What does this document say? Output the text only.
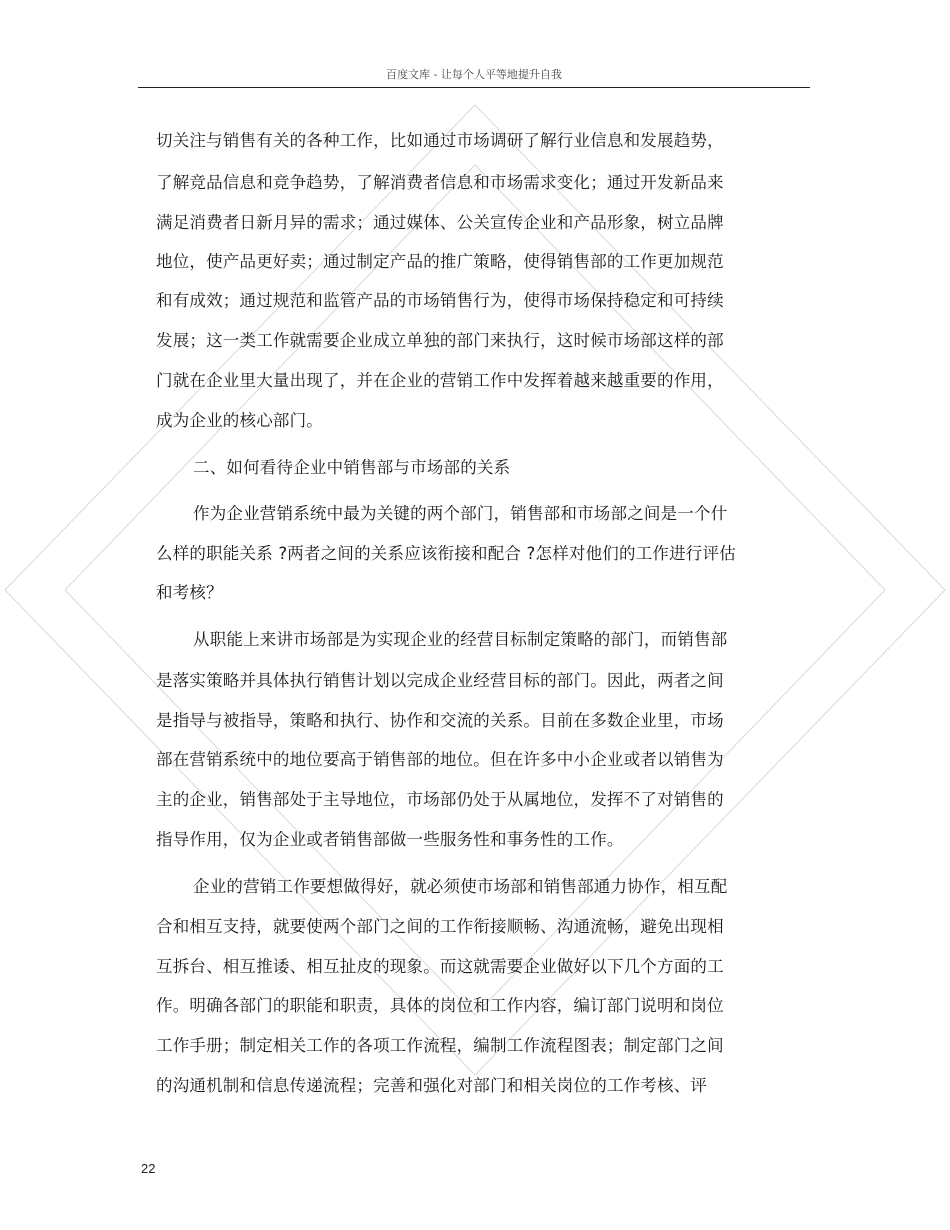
百度文库 - 让每个人平等地提升自我
切关注与销售有关的各种工作，比如通过市场调研了解行业信息和发展趋势，
了解竞品信息和竞争趋势，了解消费者信息和市场需求变化；通过开发新品来
满足消费者日新月异的需求；通过媒体、公关宣传企业和产品形象，树立品牌
地位，使产品更好卖；通过制定产品的推广策略，使得销售部的工作更加规范
和有成效；通过规范和监管产品的市场销售行为，使得市场保持稳定和可持续
发展；这一类工作就需要企业成立单独的部门来执行，这时候市场部这样的部
门就在企业里大量出现了，并在企业的营销工作中发挥着越来越重要的作用，
成为企业的核心部门。
二、如何看待企业中销售部与市场部的关系
作为企业营销系统中最为关键的两个部门，销售部和市场部之间是一个什
么样的职能关系 ?两者之间的关系应该衔接和配合 ?怎样对他们的工作进行评估
和考核？
从职能上来讲市场部是为实现企业的经营目标制定策略的部门，而销售部
是落实策略并具体执行销售计划以完成企业经营目标的部门。因此，两者之间
是指导与被指导，策略和执行、协作和交流的关系。目前在多数企业里，市场
部在营销系统中的地位要高于销售部的地位。但在许多中小企业或者以销售为
主的企业，销售部处于主导地位，市场部仍处于从属地位，发挥不了对销售的
指导作用，仅为企业或者销售部做一些服务性和事务性的工作。
企业的营销工作要想做得好，就必须使市场部和销售部通力协作，相互配
合和相互支持，就要使两个部门之间的工作衔接顺畅、沟通流畅，避免出现相
互拆台、相互推诿、相互扯皮的现象。而这就需要企业做好以下几个方面的工
作。明确各部门的职能和职责，具体的岗位和工作内容，编订部门说明和岗位
工作手册；制定相关工作的各项工作流程，编制工作流程图表；制定部门之间
的沟通机制和信息传递流程；完善和强化对部门和相关岗位的工作考核、评
22
